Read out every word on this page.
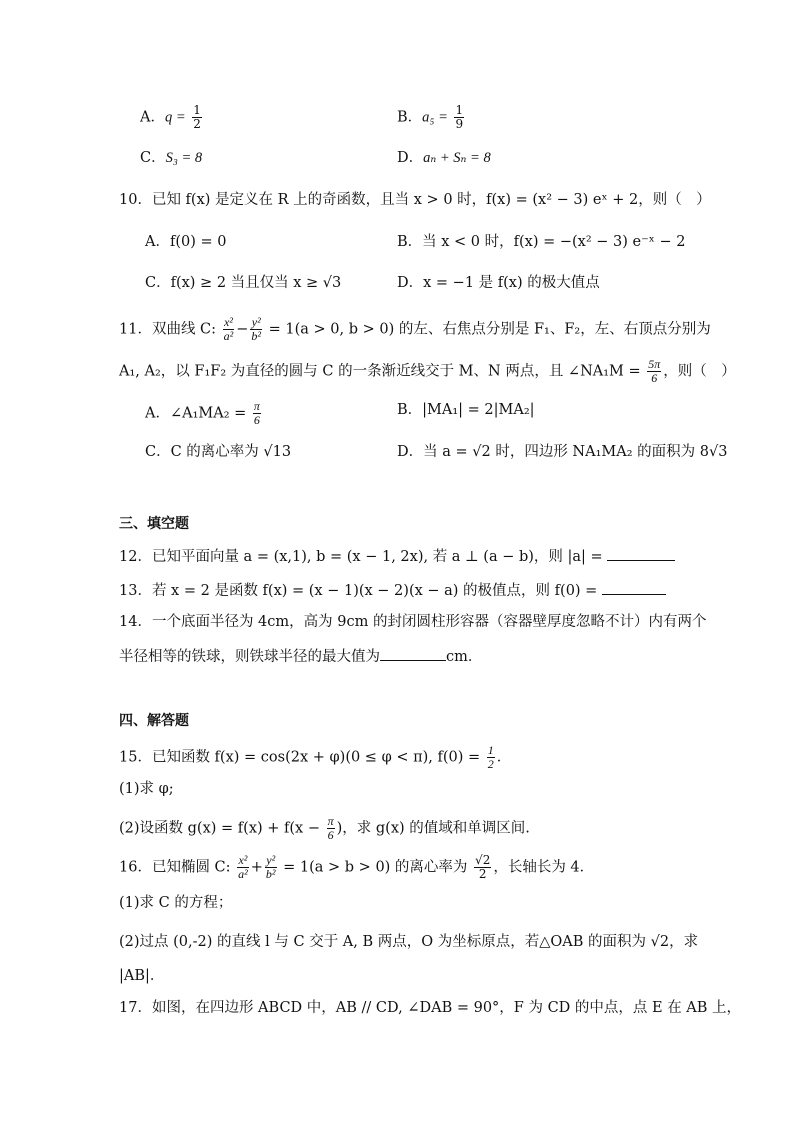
A．$q = \frac{1}{2}$	B．$a_5 = \frac{1}{9}$
C．S₃ = 8	D．aₙ + Sₙ = 8
10．已知 f(x) 是定义在 R 上的奇函数，且当 x > 0 时，f(x) = (x² − 3) eˣ + 2，则（　）
A．f(0) = 0	B．当 x < 0 时，f(x) = −(x² − 3) e⁻ˣ − 2
C．f(x) ≥ 2 当且仅当 x ≥ √3	D．x = −1 是 f(x) 的极大值点
11．双曲线 C: $\frac{\text{x²}}{\text{a²}} - \frac{\text{y²}}{\text{b²}} = 1(a > 0$, b > 0) 的左、右焦点分别是 F₁、F₂，左、右顶点分别为
A₁, A₂，以 F₁F₂ 为直径的圆与 C 的一条渐近线交于 M、N 两点，且 ∠NA₁M = $\frac{5\pi}{6}$ ，则（　）
A．∠A₁MA₂ = $\frac{\pi}{6}$	B．|MA₁| = 2|MA₂|
C．C 的离心率为 √13	D．当 a = √2 时，四边形 NA₁MA₂ 的面积为 8√3
三、填空题
12．已知平面向量 a = (x,1), b = (x − 1, 2x), 若 a ⊥ (a − b)，则 |a| =
13．若 x = 2 是函数 f(x) = (x − 1)(x − 2)(x − a) 的极值点，则 f(0) =
14．一个底面半径为 4cm，高为 9cm 的封闭圆柱形容器（容器壁厚度忽略不计）内有两个
半径相等的铁球，则铁球半径的最大值为	cm．
四、解答题
15．已知函数 f(x) = cos(2x + φ)(0 ≤ φ < π), $f(0) = \frac{1}{2}$ ．
(1)求 φ;
(2)设函数 $g(x) = f(x) + f(x - \frac{\pi}{6}$ )，求 g(x) 的值域和单调区间.
16．已知椭圆 C: $\frac{\text{x²}}{\text{a²}} + \frac{\text{y²}}{\text{b²}} = 1(a > b > 0)$ 的离心率为 $\frac{√2}{2}$ ，长轴长为 4．
(1)求 C 的方程；
(2)过点 (0,-2) 的直线 l 与 C 交于 A, B 两点，O 为坐标原点，若△OAB 的面积为 √2，求
|AB|．
17．如图，在四边形 ABCD 中，AB // CD, ∠DAB = 90°，F 为 CD 的中点，点 E 在 AB 上，
